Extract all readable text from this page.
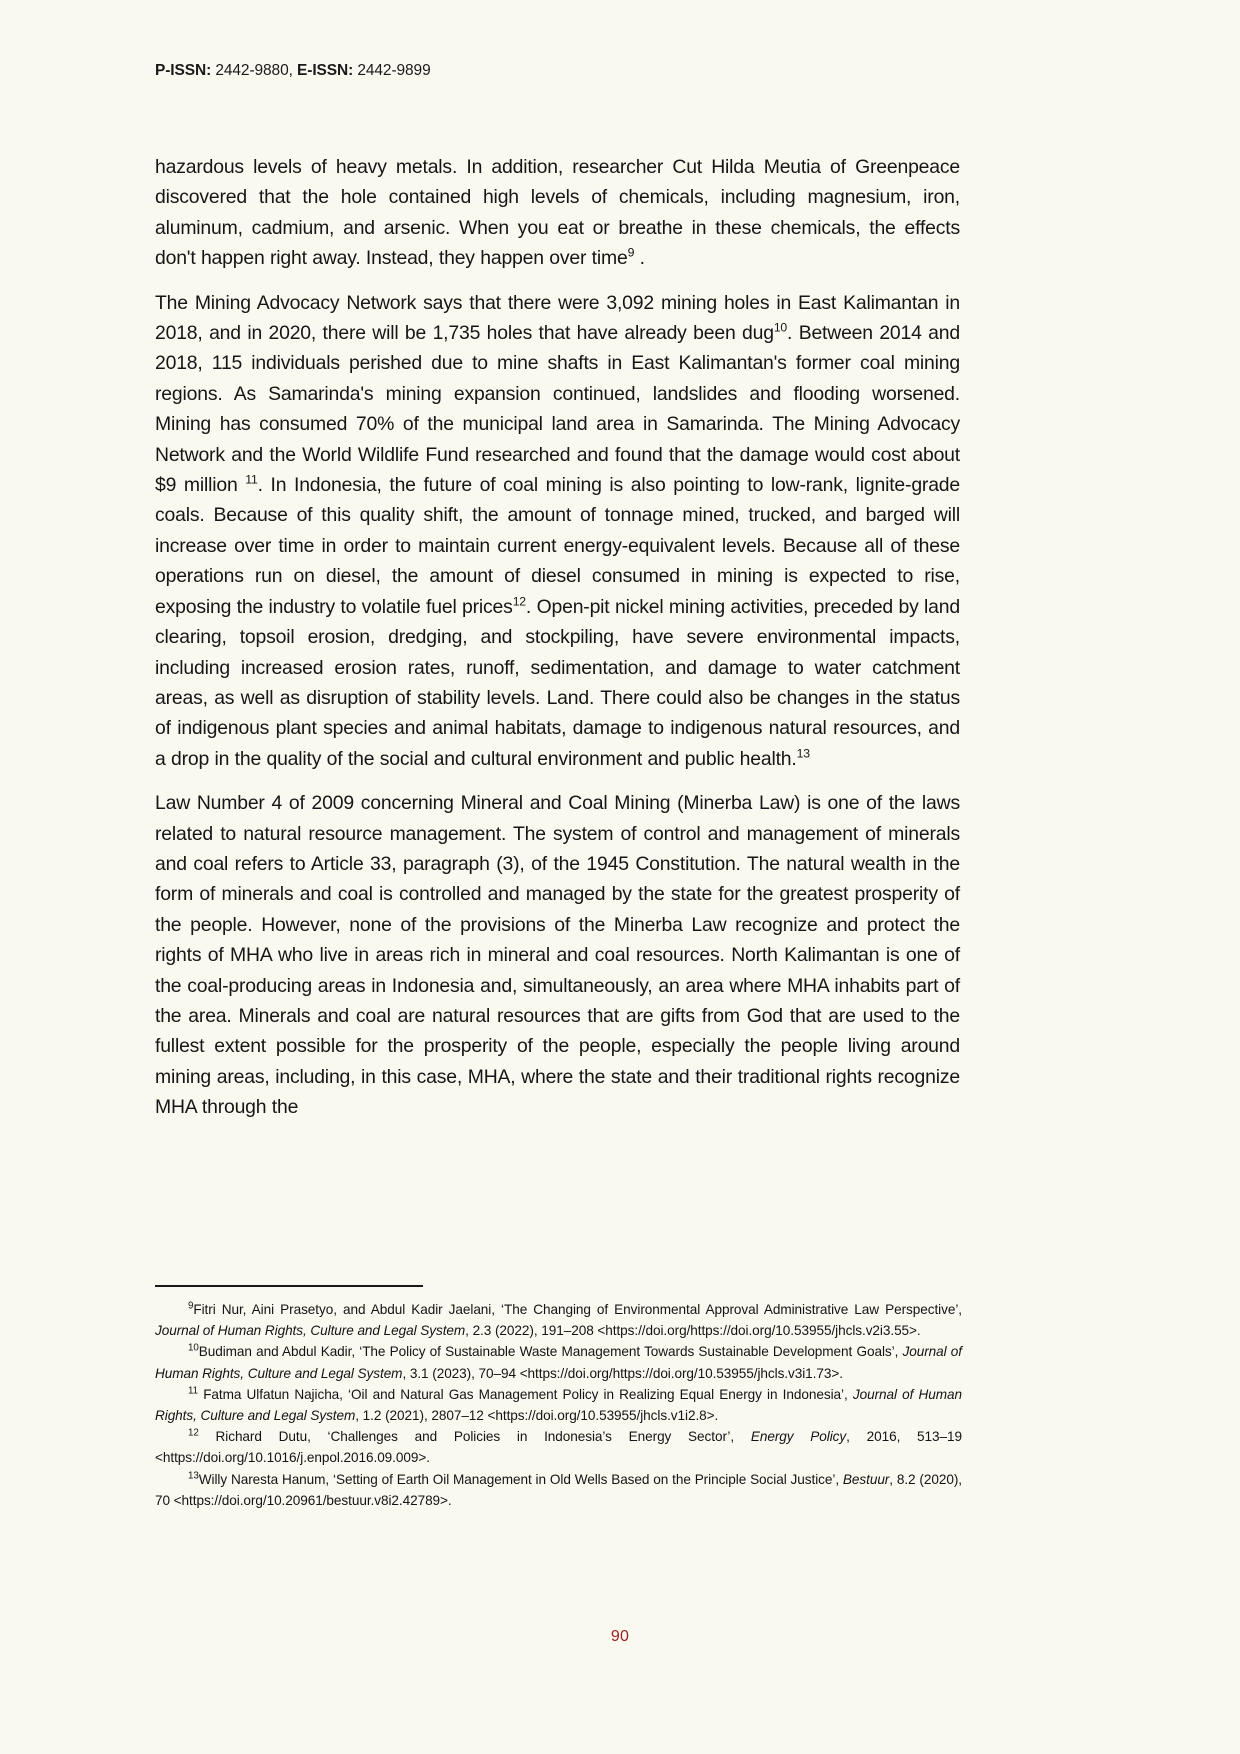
P-ISSN: 2442-9880, E-ISSN: 2442-9899

hazardous levels of heavy metals. In addition, researcher Cut Hilda Meutia of Greenpeace discovered that the hole contained high levels of chemicals, including magnesium, iron, aluminum, cadmium, and arsenic. When you eat or breathe in these chemicals, the effects don't happen right away. Instead, they happen over time$^9$ .

The Mining Advocacy Network says that there were 3,092 mining holes in East Kalimantan in 2018, and in 2020, there will be 1,735 holes that have already been dug$^{10}$. Between 2014 and 2018, 115 individuals perished due to mine shafts in East Kalimantan's former coal mining regions. As Samarinda's mining expansion continued, landslides and flooding worsened. Mining has consumed 70% of the municipal land area in Samarinda. The Mining Advocacy Network and the World Wildlife Fund researched and found that the damage would cost about $9 million $^{11}$. In Indonesia, the future of coal mining is also pointing to low-rank, lignite-grade coals. Because of this quality shift, the amount of tonnage mined, trucked, and barged will increase over time in order to maintain current energy-equivalent levels. Because all of these operations run on diesel, the amount of diesel consumed in mining is expected to rise, exposing the industry to volatile fuel prices$^{12}$. Open-pit nickel mining activities, preceded by land clearing, topsoil erosion, dredging, and stockpiling, have severe environmental impacts, including increased erosion rates, runoff, sedimentation, and damage to water catchment areas, as well as disruption of stability levels. Land. There could also be changes in the status of indigenous plant species and animal habitats, damage to indigenous natural resources, and a drop in the quality of the social and cultural environment and public health.$^{13}$

Law Number 4 of 2009 concerning Mineral and Coal Mining (Minerba Law) is one of the laws related to natural resource management. The system of control and management of minerals and coal refers to Article 33, paragraph (3), of the 1945 Constitution. The natural wealth in the form of minerals and coal is controlled and managed by the state for the greatest prosperity of the people. However, none of the provisions of the Minerba Law recognize and protect the rights of MHA who live in areas rich in mineral and coal resources. North Kalimantan is one of the coal-producing areas in Indonesia and, simultaneously, an area where MHA inhabits part of the area. Minerals and coal are natural resources that are gifts from God that are used to the fullest extent possible for the prosperity of the people, especially the people living around mining areas, including, in this case, MHA, where the state and their traditional rights recognize MHA through the

$^9$Fitri Nur, Aini Prasetyo, and Abdul Kadir Jaelani, ‘The Changing of Environmental Approval Administrative Law Perspective’, Journal of Human Rights, Culture and Legal System, 2.3 (2022), 191–208 <https://doi.org/https://doi.org/10.53955/jhcls.v2i3.55>.

$^{10}$Budiman and Abdul Kadir, ‘The Policy of Sustainable Waste Management Towards Sustainable Development Goals’, Journal of Human Rights, Culture and Legal System, 3.1 (2023), 70–94 <https://doi.org/https://doi.org/10.53955/jhcls.v3i1.73>.

$^{11}$ Fatma Ulfatun Najicha, ‘Oil and Natural Gas Management Policy in Realizing Equal Energy in Indonesia’, Journal of Human Rights, Culture and Legal System, 1.2 (2021), 2807–12 <https://doi.org/10.53955/jhcls.v1i2.8>.

$^{12}$ Richard Dutu, ‘Challenges and Policies in Indonesia’s Energy Sector’, Energy Policy, 2016, 513–19 <https://doi.org/10.1016/j.enpol.2016.09.009>.

$^{13}$Willy Naresta Hanum, ‘Setting of Earth Oil Management in Old Wells Based on the Principle Social Justice’, Bestuur, 8.2 (2020), 70 <https://doi.org/10.20961/bestuur.v8i2.42789>.

90
